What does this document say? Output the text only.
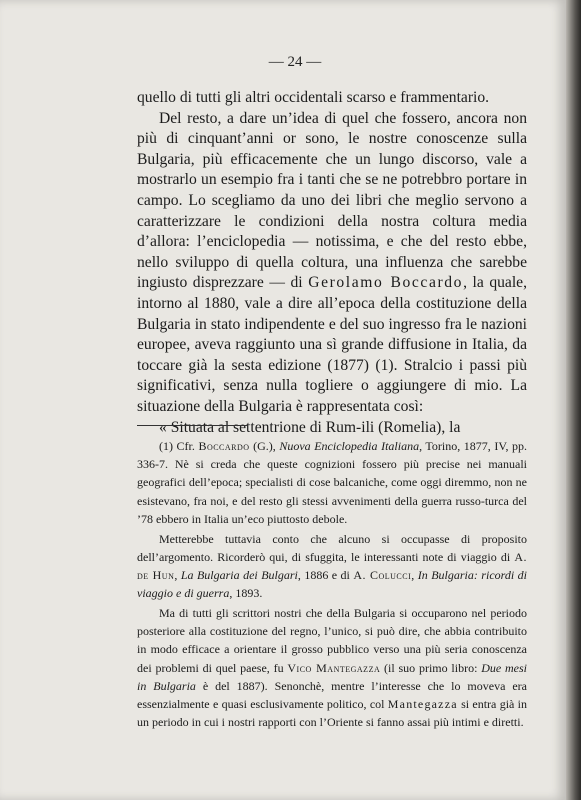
— 24 —

quello di tutti gli altri occidentali scarso e frammentario.

Del resto, a dare un’idea di quel che fossero, ancora non più di cinquant’anni or sono, le nostre conoscenze sulla Bulgaria, più efficacemente che un lungo discorso, vale a mostrarlo un esempio fra i tanti che se ne potrebbro portare in campo. Lo scegliamo da uno dei libri che meglio servono a caratterizzare le condizioni della nostra coltura media d’allora: l’enciclopedia — notissima, e che del resto ebbe, nello sviluppo di quella coltura, una influenza che sarebbe ingiusto disprezzare — di Gerolamo Boccardo, la quale, intorno al 1880, vale a dire all’epoca della costituzione della Bulgaria in stato indipendente e del suo ingresso fra le nazioni europee, aveva raggiunto una sì grande diffusione in Italia, da toccare già la sesta edizione (1877) (1). Stralcio i passi più significativi, senza nulla togliere o aggiungere di mio. La situazione della Bulgaria è rappresentata così:

« Situata al settentrione di Rum-ili (Romelia), la

(1) Cfr. Boccardo (G.), Nuova Enciclopedia Italiana, Torino, 1877, IV, pp. 336-7. Nè si creda che queste cognizioni fossero più precise nei manuali geografici dell’epoca; specialisti di cose balcaniche, come oggi diremmo, non ne esistevano, fra noi, e del resto gli stessi avvenimenti della guerra russo-turca del ’78 ebbero in Italia un’eco piuttosto debole.

Metterebbe tuttavia conto che alcuno si occupasse di proposito dell’argomento. Ricorderò qui, di sfuggita, le interessanti note di viaggio di A. de Hun, La Bulgaria dei Bulgari, 1886 e di A. Colucci, In Bulgaria: ricordi di viaggio e di guerra, 1893.

Ma di tutti gli scrittori nostri che della Bulgaria si occuparono nel periodo posteriore alla costituzione del regno, l’unico, si può dire, che abbia contribuito in modo efficace a orientare il grosso pubblico verso una più seria conoscenza dei problemi di quel paese, fu Vico Mantegazza (il suo primo libro: Due mesi in Bulgaria è del 1887). Senonchè, mentre l’interesse che lo moveva era essenzialmente e quasi esclusivamente politico, col Mantegazza si entra già in un periodo in cui i nostri rapporti con l’Oriente si fanno assai più intimi e diretti.
